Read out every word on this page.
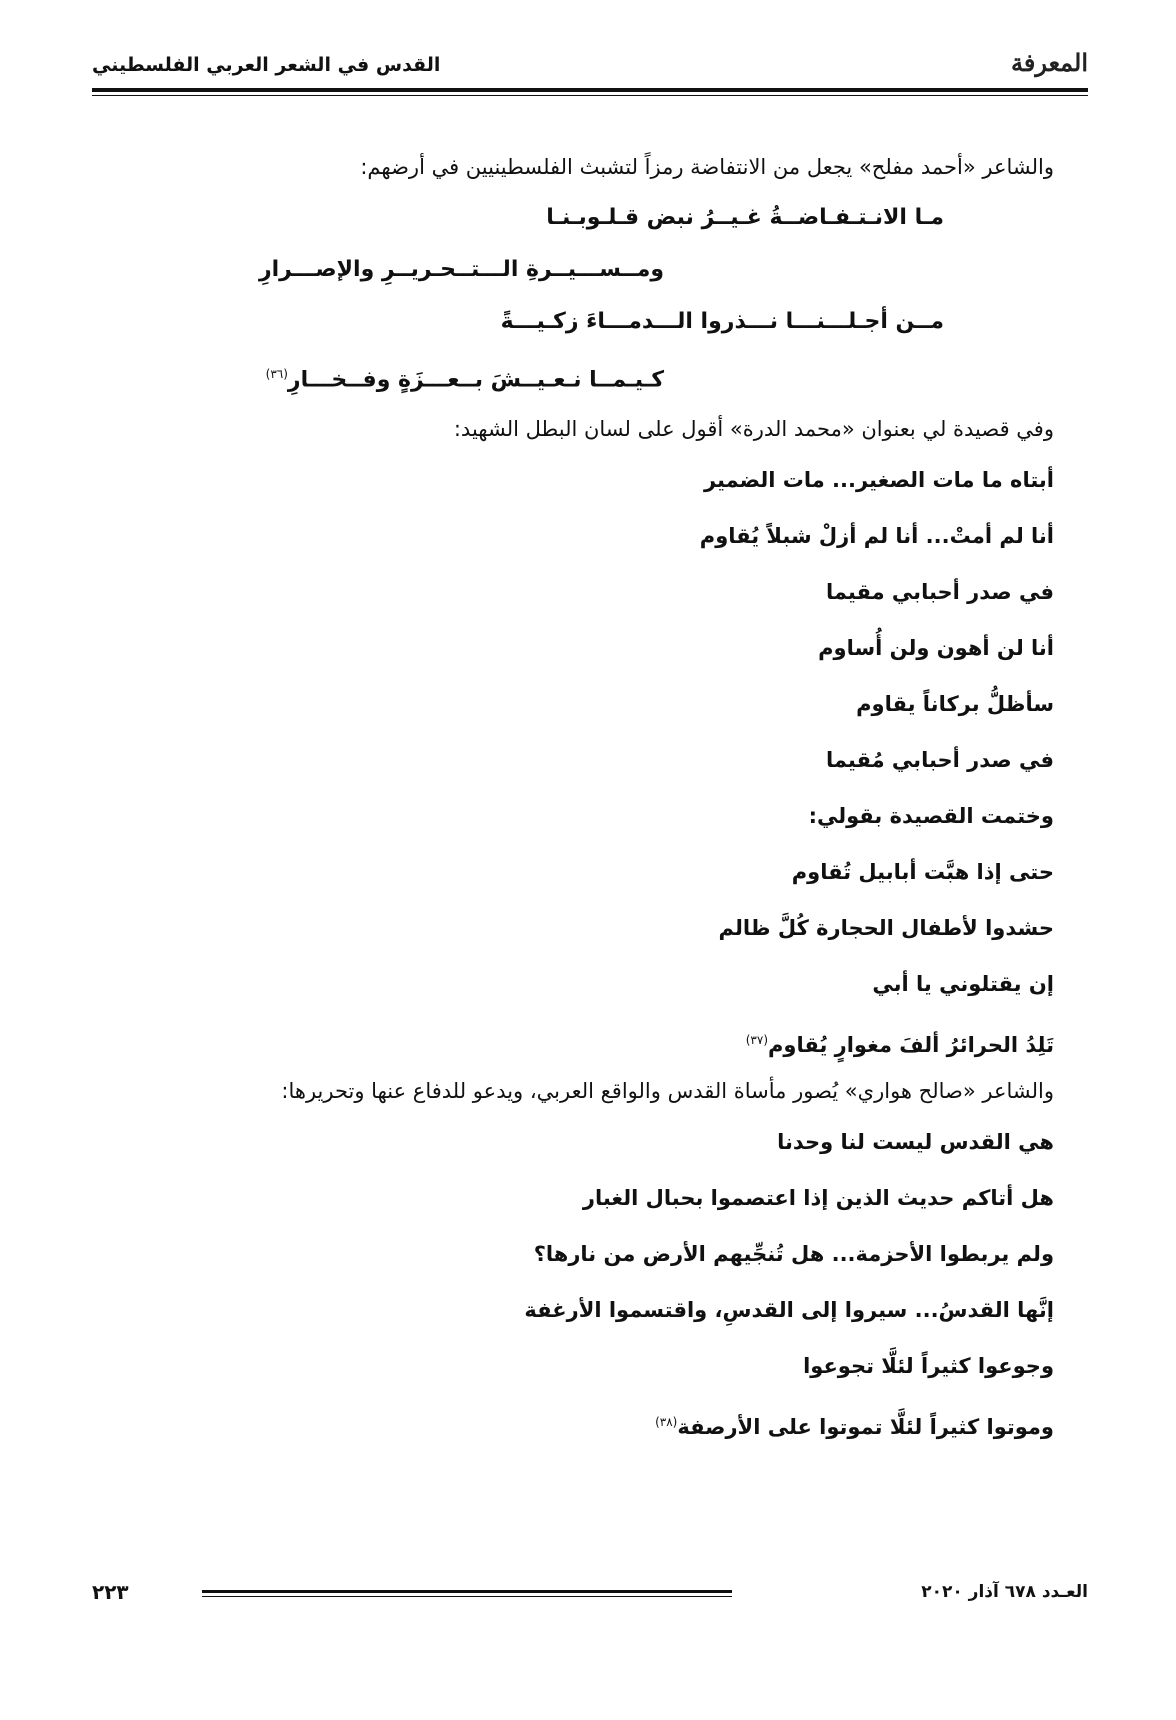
القدس في الشعر العربي الفلسطيني	المعرفة

والشاعر «أحمد مفلح» يجعل من الانتفاضة رمزاً لتشبث الفلسطينيين في أرضهم:

مـا الانـتـفـاضــةُ غـيــرُ نبض قـلـوبـنـا
ومــســـيــرةِ الـــتــحـريــرِ والإصـــرارِ
مــن أجـلـــنـــا نـــذروا الـــدمـــاءَ زكـيـــةً
كـيـمــا نـعـيــشَ بــعـــزَةٍ وفــخـــارِ$^{(٣٦)}$

وفي قصيدة لي بعنوان «محمد الدرة» أقول على لسان البطل الشهيد:

أبتاه ما مات الصغير... مات الضمير
أنا لم أمتْ... أنا لم أزلْ شبلاً يُقاوم
في صدر أحبابي مقيما
أنا لن أهون ولن أُساوم
سأظلُّ بركاناً يقاوم
في صدر أحبابي مُقيما
وختمت القصيدة بقولي:
حتى إذا هبَّت أبابيل تُقاوم
حشدوا لأطفال الحجارة كُلَّ ظالم
إن يقتلوني يا أبي
تَلِدُ الحرائرُ ألفَ مغوارٍ يُقاوم$^{(٣٧)}$

والشاعر «صالح هواري» يُصور مأساة القدس والواقع العربي، ويدعو للدفاع عنها وتحريرها:

هي القدس ليست لنا وحدنا
هل أتاكم حديث الذين إذا اعتصموا بحبال الغبار
ولم يربطوا الأحزمة... هل تُنجِّيهم الأرض من نارها؟
إنَّها القدسُ... سيروا إلى القدسِ، واقتسموا الأرغفة
وجوعوا كثيراً لئلَّا تجوعوا
وموتوا كثيراً لئلَّا تموتوا على الأرصفة$^{(٣٨)}$
٢٢٣	العـدد ٦٧٨ آذار ٢٠٢٠
